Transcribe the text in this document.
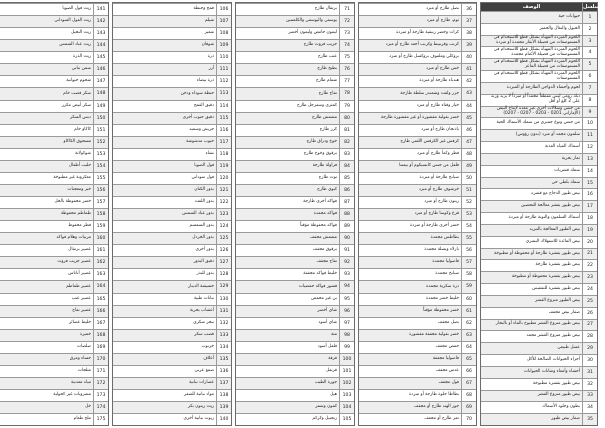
التسلسل
الوصف
1
حيوانات حية
2
الخيول والبغال والحمير
3
اللحوم المبردة المهيأة بشكل قطع للاستخدام في المستوصفات من فصيلة الأبقار مجمدة أو مبردة
4
اللحوم المبردة المهيأة بشكل قطع للاستخدام في المستوصفات من فصيلة الأغنام مجمدة
5
اللحوم المبردة المهيأة بشكل قطع للاستخدام في المستوصفات من فصيلة الماعز
6
اللحوم المبردة المهيأة بشكل قطع للاستخدام في المستوصفات
7
لحوم وأحشاء الدواجن الطازجة أو المبردة
8
ديك رومي ليس مقطعاً مجمداً أو مبرداً لا يزيد وزنه على 2 كلغ أو أقل
9
من جنس وسلالات أخرى غير معدة لإنتاج البيض (الإماراتي 0201 - 0203 - 0207 - 0207)
10
من جنس ونوع جمبري من سمك الأسماك الحية
11
سلمون مجمد أو مبرد (بدون رؤوس)
12
أسماك المياه العذبة
13
ثمار بحرية
14
سمك قشريات
15
سمك بلطي حي
16
بيض طيور الدجاج مع قشره
17
بيض طيور بقشر معالجة للتحضين
18
أسماك السلمون والتونة طازجة أو مبردة
19
بيض الطيور المعالجة بالتبريد
20
بيض المائدة للاستهلاك البشري
21
بيض طيور بقشرة طازجة أو محفوظة أو مطبوخة
22
بيض طيور بقشرة طازجة
23
بيض طيور بقشرة محفوظة أو مطبوخة
24
بيض طيور بقشرة للتفقيس
25
بيض الطيور منزوع القشر
26
صفار بيض مجفف
27
بيض طيور منزوع القشر مطبوخ بالماء أو بالبخار
28
بيض طيور منزوع القشر مجمد
29
عسل طبيعي
30
أجزاء الحيوانات الصالحة للأكل
31
أحشاء وأمعاء ومثانات الحيوانات
32
بيض طيور بقشرة مطبوخة
33
بيض طيور منزوع القشر
34
بطون وجلود الأسماك
35
صفار بيض طيور
36
بصل طازج أو مبرد
37
ثوم، طازج أو مبرد
38
كراث وخضر زنبقية طازجة أو مبردة
39
كرنب وقرنبيط وكرنب أجعد طازج أو مبرد
40
بروكلي وملفوف بروكسل طازج أو مبرد
41
خس طازج أو مبرد
42
هندباء طازجة أو مبردة
43
جزر ولفت وشمندر سلطة طازجة
44
خيار وقثاء طازج أو مبرد
45
خضر بقولية مقشورة أو غير مقشورة طازجة
46
باذنجان طازج أو مبرد
47
كرفس غير الكرفس اللفتي طازج
48
فطر وكمأ طازج أو مبرد
49
فلفل من جنس كابسيكوم أو بيمنتا
50
سبانخ طازجة أو مبردة
51
خرشوف طازج أو مبرد
52
زيتون طازج أو مبرد
53
قرع وكوسا طازج أو مبرد
54
خضر أخرى طازجة أو مبردة
55
بطاطس مجمدة
56
بازلاء وبسلة مجمدة
57
فاصوليا مجمدة
58
سبانخ مجمدة
59
ذرة سكرية مجمدة
60
خليط خضر مجمدة
61
خضر محفوظة مؤقتاً
62
بصل مجفف
63
خضر بقولية مجففة مقشورة
64
حمص مجفف
65
فاصوليا مجففة
66
عدس مجفف
67
فول مجفف
68
بطاطا حلوة طازجة أو مبردة
69
جوز الهند طازج أو مجفف
70
تمر طازج أو مجفف
71
برتقال طازج
72
يوسفي واليوسفي والكلمنتين
73
ليمون حامض وليمون أخضر
74
جريب فروت طازج
75
عنب طازج
76
بطيخ طازج
77
شمام طازج
78
تفاح طازج
79
كمثرى وسفرجل طازج
80
مشمش طازج
81
كرز طازج
82
خوخ ودراق طازج
83
برقوق وخوخ طازج
84
فراولة طازجة
85
توت طازج
86
كيوي طازج
87
فواكه أخرى طازجة
88
فواكه مجمدة
89
فواكه محفوظة مؤقتاً
90
مشمش مجفف
91
برقوق مجفف
92
تفاح مجفف
93
خليط فواكه مجففة
94
قشور فواكه حمضيات
95
بن غير محمص
96
شاي أخضر
97
شاي أسود
98
متة
99
فلفل أسود
100
قرفة
101
قرنفل
102
جوزة الطيب
103
هيل
104
كمون وشمر
105
زنجبيل وكركم
106
قمح وحنطة
107
شيلم
108
شعير
109
شوفان
110
ذرة
111
أرز
112
ذرة بيضاء
113
حنطة سوداء ودخن
114
دقيق القمح
115
دقيق حبوب أخرى
116
جريش وسميد
117
حبوب مدشوشة
118
نشاء
119
فول الصويا
120
فول سوداني
121
بذور الكتان
122
بذور اللفت
123
بذور عباد الشمس
124
بذور السمسم
125
بذور الخردل
126
بذور أخرى
127
دقيق البذور
128
بذور للبذر
129
حشيشة الدينار
130
نباتات طبية
131
أعشاب بحرية
132
بنجر سكري
133
قصب سكر
134
خرنوب
135
أعلاف
136
صمغ عربي
137
عصارات نباتية
138
مواد نباتية للضفر
139
زيت زيتون بكر
140
زيوت نباتية أخرى
141
زيت فول الصويا
142
زيت الفول السوداني
143
زيت النخيل
144
زيت عباد الشمس
145
زيت الذرة
146
سمن نباتي
147
شحوم حيوانية
148
سكر قصب خام
149
سكر أبيض مكرر
150
دبس السكر
151
كاكاو خام
152
مسحوق الكاكاو
153
شوكولاتة
154
حليب أطفال
155
معكرونة غير مطبوخة
156
خبز ومعجنات
157
خضر محفوظة بالخل
158
طماطم محفوظة
159
فطر محفوظ
160
مربيات وهلام فواكه
161
عصير برتقال
162
عصير جريب فروت
163
عصير أناناس
164
عصير طماطم
165
عصير عنب
166
عصير تفاح
167
خليط عصائر
168
خميرة
169
صلصات
170
حساء ومرق
171
مثلجات
172
مياه معدنية
173
مشروبات غير كحولية
174
خل
175
ملح طعام
